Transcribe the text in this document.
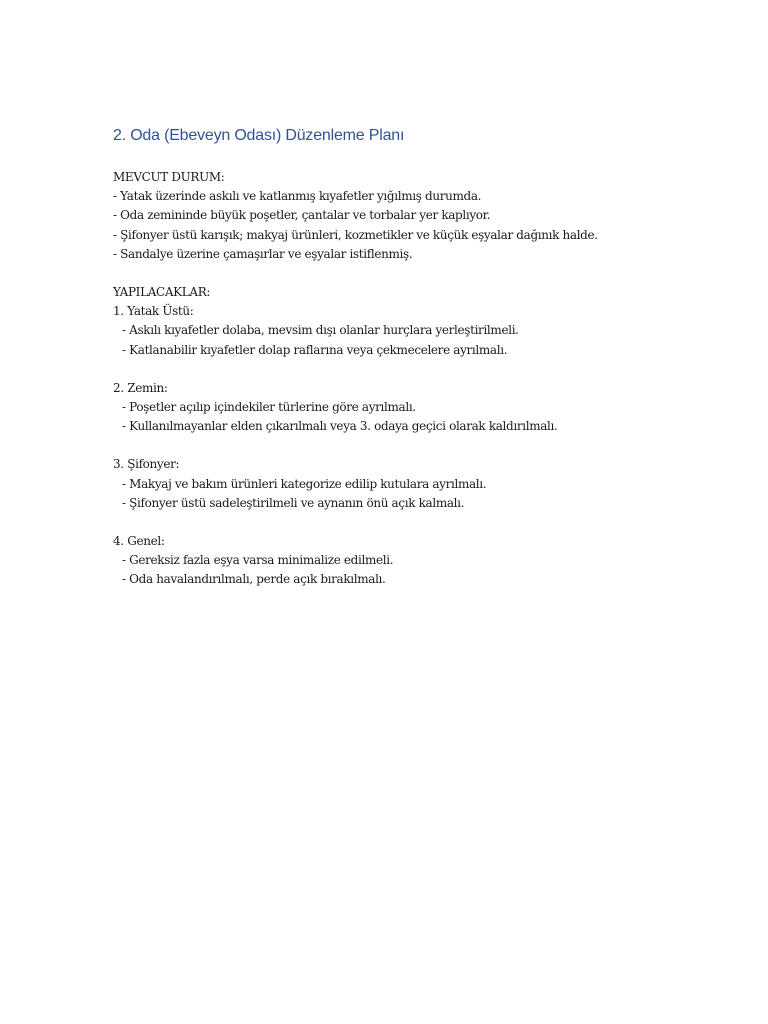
2. Oda (Ebeveyn Odası) Düzenleme Planı
MEVCUT DURUM:
- Yatak üzerinde askılı ve katlanmış kıyafetler yığılmış durumda.
- Oda zemininde büyük poşetler, çantalar ve torbalar yer kaplıyor.
- Şifonyer üstü karışık; makyaj ürünleri, kozmetikler ve küçük eşyalar dağınık halde.
- Sandalye üzerine çamaşırlar ve eşyalar istiflenmiş.
YAPILACAKLAR:
1. Yatak Üstü:
- Askılı kıyafetler dolaba, mevsim dışı olanlar hurçlara yerleştirilmeli.
- Katlanabilir kıyafetler dolap raflarına veya çekmecelere ayrılmalı.
2. Zemin:
- Poşetler açılıp içindekiler türlerine göre ayrılmalı.
- Kullanılmayanlar elden çıkarılmalı veya 3. odaya geçici olarak kaldırılmalı.
3. Şifonyer:
- Makyaj ve bakım ürünleri kategorize edilip kutulara ayrılmalı.
- Şifonyer üstü sadeleştirilmeli ve aynanın önü açık kalmalı.
4. Genel:
- Gereksiz fazla eşya varsa minimalize edilmeli.
- Oda havalandırılmalı, perde açık bırakılmalı.
